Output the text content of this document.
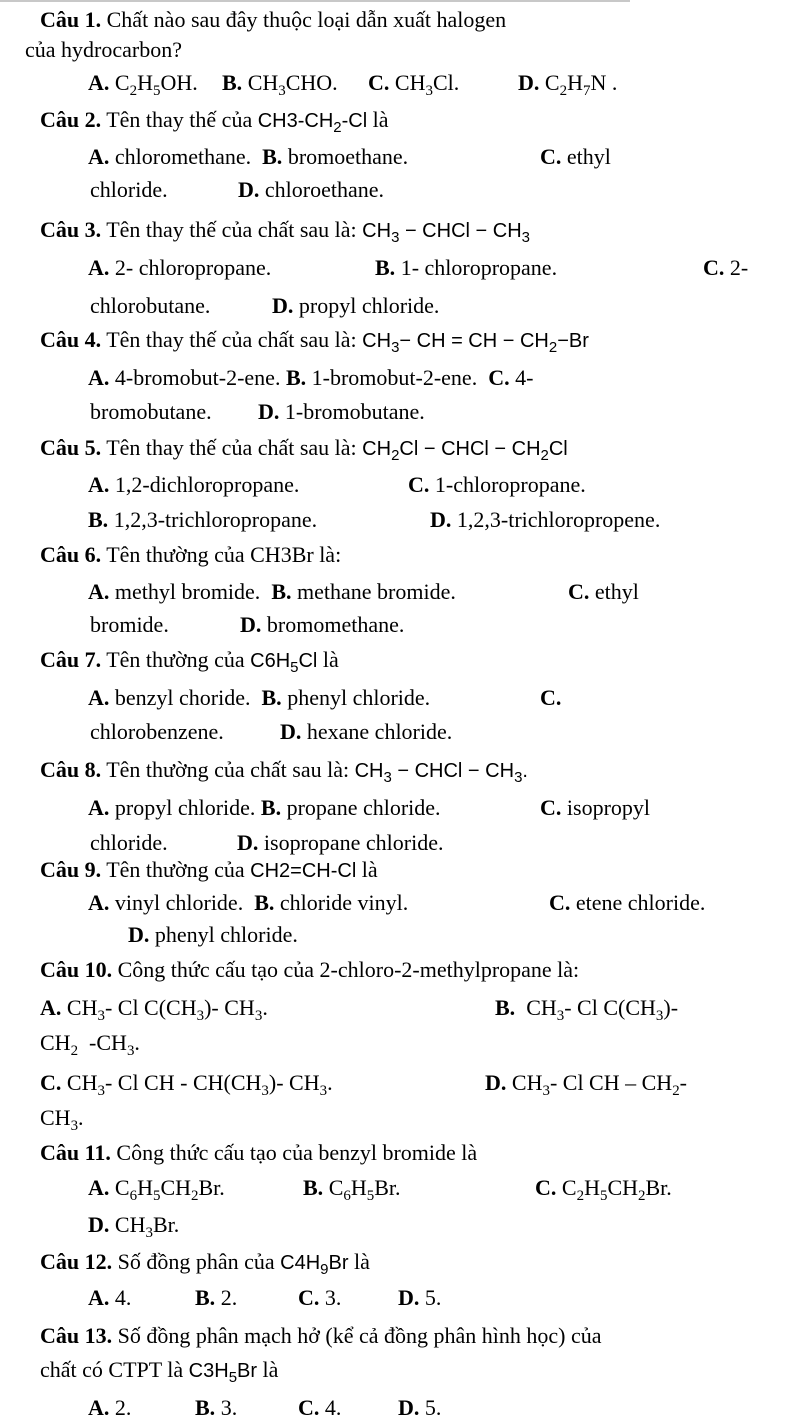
Câu 1. Chất nào sau đây thuộc loại dẫn xuất halogen
của hydrocarbon?
A. $C_2H_5OH$. B. $CH_3CHO$. C. $CH_3Cl$.	D. $C_2H_7N$ .
Câu 2. Tên thay thế của $CH3-CH_2-Cl$ là
A. chloromethane.  B. bromoethane.	C. ethyl
chloride.	D. chloroethane.
Câu 3. Tên thay thế của chất sau là: $CH_3$ − CHCl − $CH_3$
A. 2- chloropropane.	B. 1- chloropropane.	C. 2-
chlorobutane.	D. propyl chloride.
Câu 4. Tên thay thế của chất sau là: $CH_3-$ CH = CH − $CH_2-Br$
A. 4-bromobut-2-ene. B. 1-bromobut-2-ene.  C. 4-
bromobutane. D. 1-bromobutane.
Câu 5. Tên thay thế của chất sau là: $CH_2Cl$ − CHCl − $CH_2Cl$
A. 1,2-dichloropropane.	C. 1-chloropropane.
B. 1,2,3-trichloropropane.	D. 1,2,3-trichloropropene.
Câu 6. Tên thường của CH3Br là:
A. methyl bromide.  B. methane bromide.	C. ethyl
bromide.	D. bromomethane.
Câu 7. Tên thường của $C6H_5Cl$ là
A. benzyl choride.  B. phenyl chloride.	C.
chlorobenzene.	D. hexane chloride.
Câu 8. Tên thường của chất sau là: $CH_3$ − CHCl − $CH_3$.
A. propyl chloride. B. propane chloride.	C. isopropyl
chloride.	D. isopropane chloride.
Câu 9. Tên thường của CH2=CH-Cl là
A. vinyl chloride.  B. chloride vinyl.	C. etene chloride.
D. phenyl chloride.
Câu 10. Công thức cấu tạo của 2-chloro-2-methylpropane là:
A. $CH_3-$ Cl $C(CH_3)-$ $CH_3$.	B.  $CH_3-$ Cl $C(CH_3)-$
$CH_2$  $-CH_3$.
C. $CH_3-$ Cl CH - $CH(CH_3)-$ $CH_3$.	D. $CH_3-$ Cl CH – $CH_2-$
$CH_3$.
Câu 11. Công thức cấu tạo của benzyl bromide là
A. $C_6H_5CH_2Br$.	B. $C_6H_5Br$.	C. $C_2H_5CH_2Br$.
D. $CH_3Br$.
Câu 12. Số đồng phân của $C4H_9Br$ là
A. 4.	B. 2.	C. 3.	D. 5.
Câu 13. Số đồng phân mạch hở (kể cả đồng phân hình học) của
chất có CTPT là $C3H_5Br$ là
A. 2.	B. 3.	C. 4.	D. 5.
